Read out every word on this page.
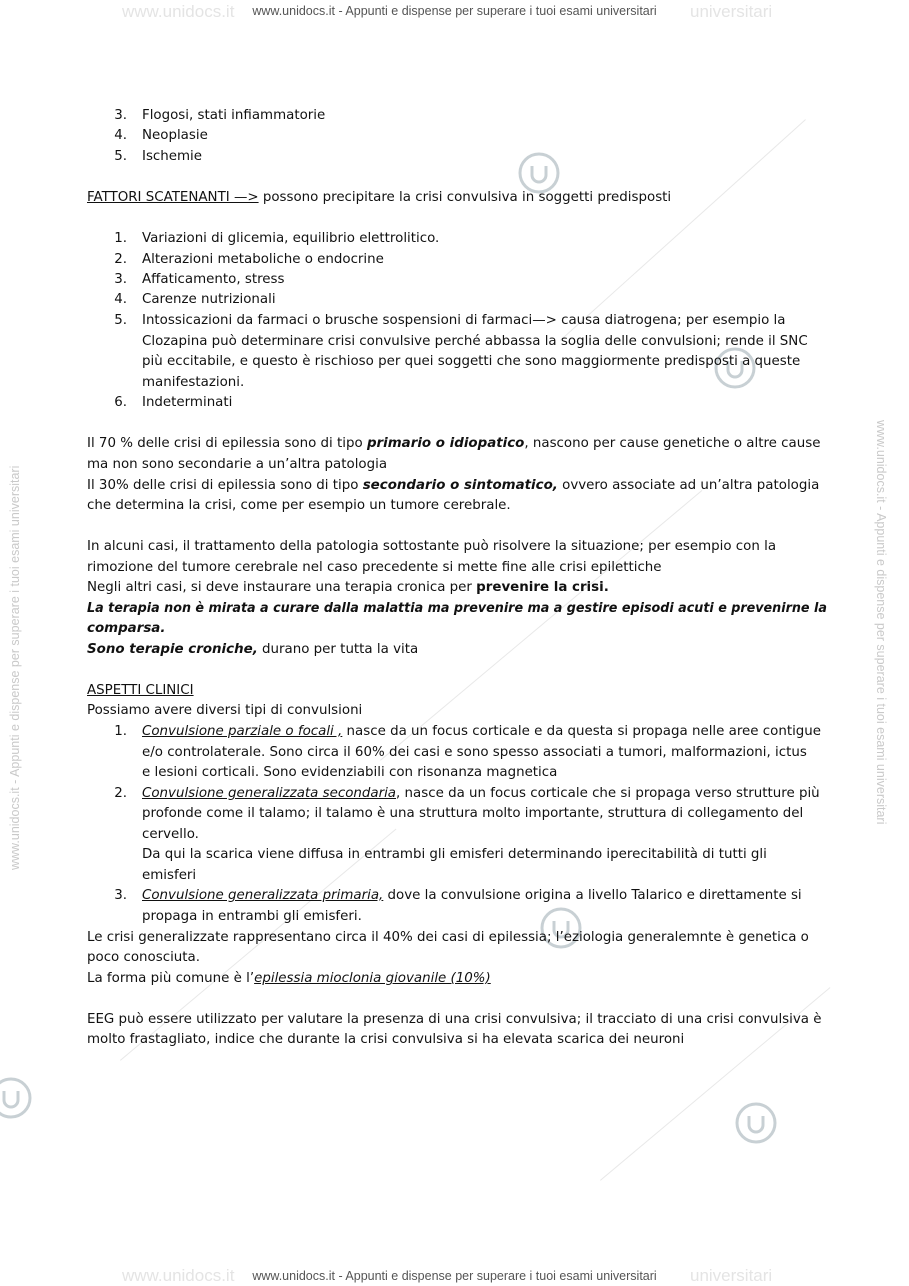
www.unidocs.it	universitari
www.unidocs.it	universitari
www.unidocs.it - Appunti e dispense per superare i tuoi esami universitari	www.unidocs.it - Appunti e dispense per superare i tuoi esami universitari
www.unidocs.it - Appunti e dispense per superare i tuoi esami universitari
www.unidocs.it - Appunti e dispense per superare i tuoi esami universitari
3. Flogosi, stati infiammatorie
4. Neoplasie
5. Ischemie
FATTORI SCATENANTI —> possono precipitare la crisi convulsiva in soggetti predisposti
1. Variazioni di glicemia, equilibrio elettrolitico.
2. Alterazioni metaboliche o endocrine
3. Affaticamento, stress
4. Carenze nutrizionali
5. Intossicazioni da farmaci o brusche sospensioni di farmaci—> causa diatrogena; per esempio la
Clozapina può determinare crisi convulsive perché abbassa la soglia delle convulsioni; rende il SNC
più eccitabile, e questo è rischioso per quei soggetti che sono maggiormente predisposti a queste
manifestazioni.
6. Indeterminati
Il 70 % delle crisi di epilessia sono di tipo primario o idiopatico, nascono per cause genetiche o altre cause
ma non sono secondarie a un’altra patologia
Il 30% delle crisi di epilessia sono di tipo secondario o sintomatico, ovvero associate ad un’altra patologia
che determina la crisi, come per esempio un tumore cerebrale.
In alcuni casi, il trattamento della patologia sottostante può risolvere la situazione; per esempio con la
rimozione del tumore cerebrale nel caso precedente si mette fine alle crisi epilettiche
Negli altri casi, si deve instaurare una terapia cronica per prevenire la crisi.
La terapia non è mirata a curare dalla malattia ma prevenire ma a gestire episodi acuti e prevenirne la
comparsa.
Sono terapie croniche, durano per tutta la vita
ASPETTI CLINICI
Possiamo avere diversi tipi di convulsioni
1. Convulsione parziale o focali , nasce da un focus corticale e da questa si propaga nelle aree contigue
e/o controlaterale. Sono circa il 60% dei casi e sono spesso associati a tumori, malformazioni, ictus
e lesioni corticali. Sono evidenziabili con risonanza magnetica
2. Convulsione generalizzata secondaria, nasce da un focus corticale che si propaga verso strutture più
profonde come il talamo; il talamo è una struttura molto importante, struttura di collegamento del
cervello.
Da qui la scarica viene diffusa in entrambi gli emisferi determinando iperecitabilità di tutti gli
emisferi
3. Convulsione generalizzata primaria, dove la convulsione origina a livello Talarico e direttamente si
propaga in entrambi gli emisferi.
Le crisi generalizzate rappresentano circa il 40% dei casi di epilessia; l’eziologia generalemnte è genetica o
poco conosciuta.
La forma più comune è l’epilessia mioclonia giovanile (10%)
EEG può essere utilizzato per valutare la presenza di una crisi convulsiva; il tracciato di una crisi convulsiva è
molto frastagliato, indice che durante la crisi convulsiva si ha elevata scarica dei neuroni
